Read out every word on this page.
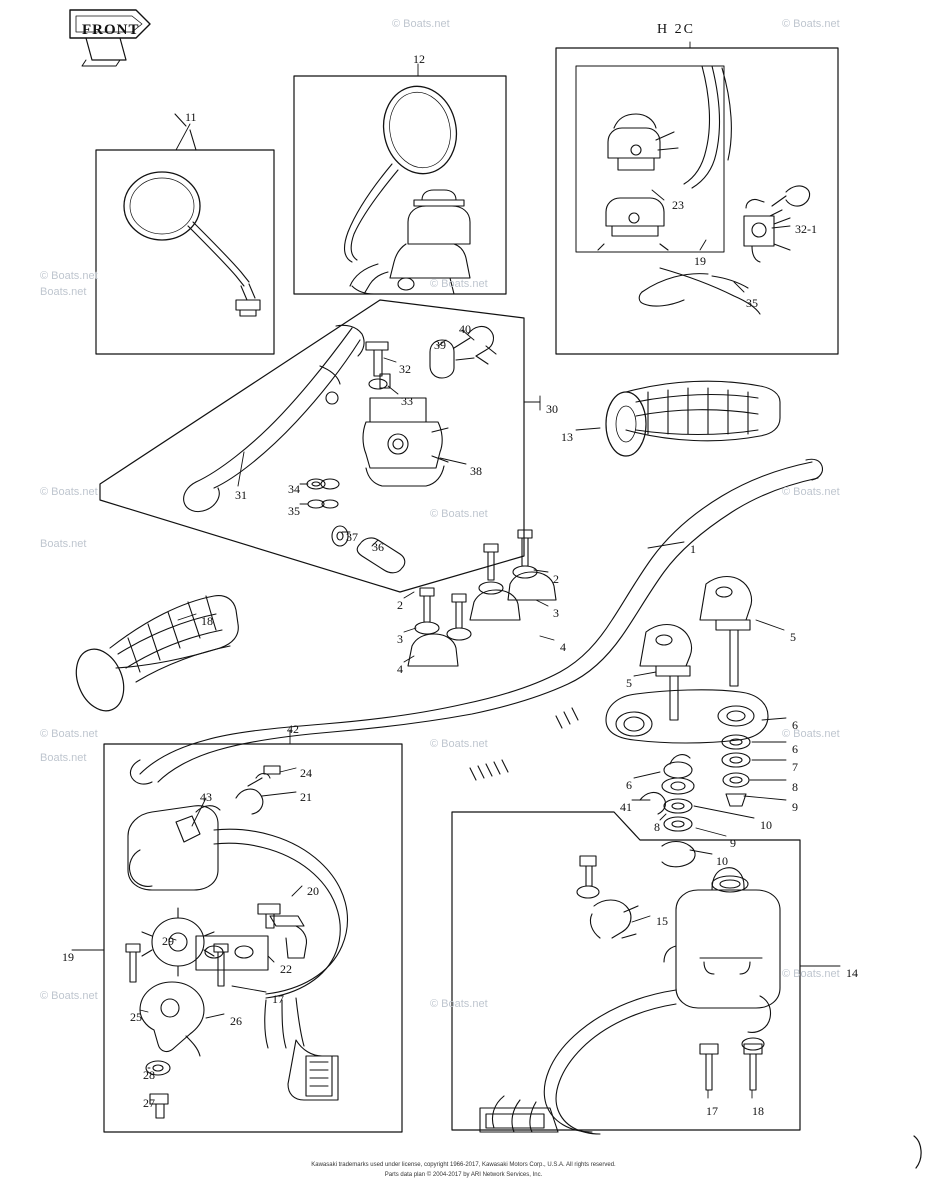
FRONT	H 2C
11
12
23
32-1
19
35
40
39
32
30
33
13
38
31	34
35
1
37
36
2
2
3
3
4
4
18
5
5
6
6
7
6	8
9
41
8	10
9
10
42
24
21
43
20
15
19
29
22	14
17
25	26
28
27
17	18
© Boats.net	© Boats.net
© Boats.net
Boats.net
© Boats.net
© Boats.net
Boats.net
© Boats.net
© Boats.net
© Boats.net
Boats.net
© Boats.net
© Boats.net
© Boats.net
© Boats.net
© Boats.net
Kawasaki trademarks used under license, copyright 1966-2017, Kawasaki Motors Corp., U.S.A. All rights reserved.
Parts data plan © 2004-2017 by ARI Network Services, Inc.
